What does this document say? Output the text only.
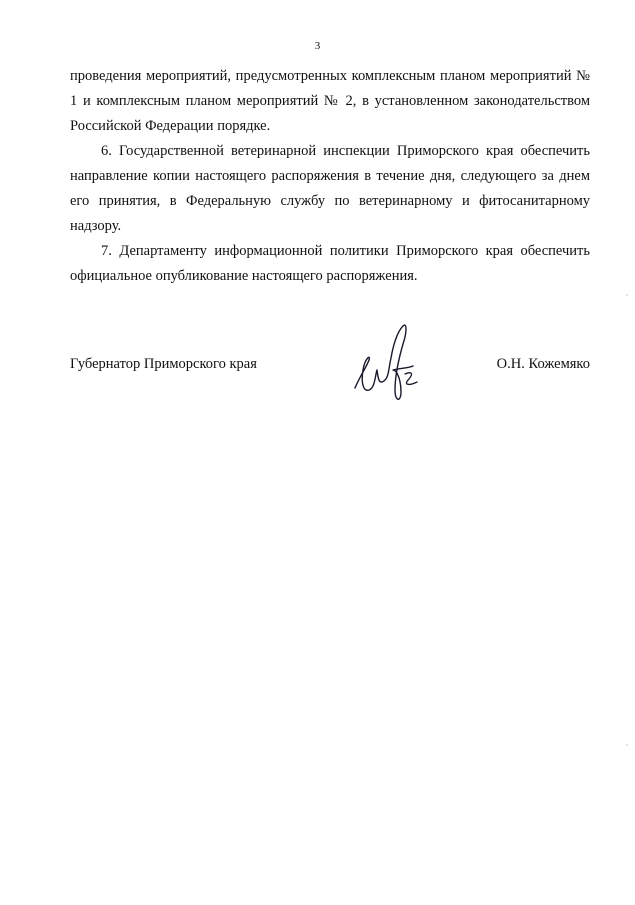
3

проведения мероприятий, предусмотренных комплексным планом мероприятий № 1 и комплексным планом мероприятий № 2, в установленном законодательством Российской Федерации порядке.

6. Государственной ветеринарной инспекции Приморского края обеспечить направление копии настоящего распоряжения в течение дня, следующего за днем его принятия, в Федеральную службу по ветеринарному и фитосанитарному надзору.

7. Департаменту информационной политики Приморского края обеспечить официальное опубликование настоящего распоряжения.

Губернатор Приморского края	О.Н. Кожемяко
